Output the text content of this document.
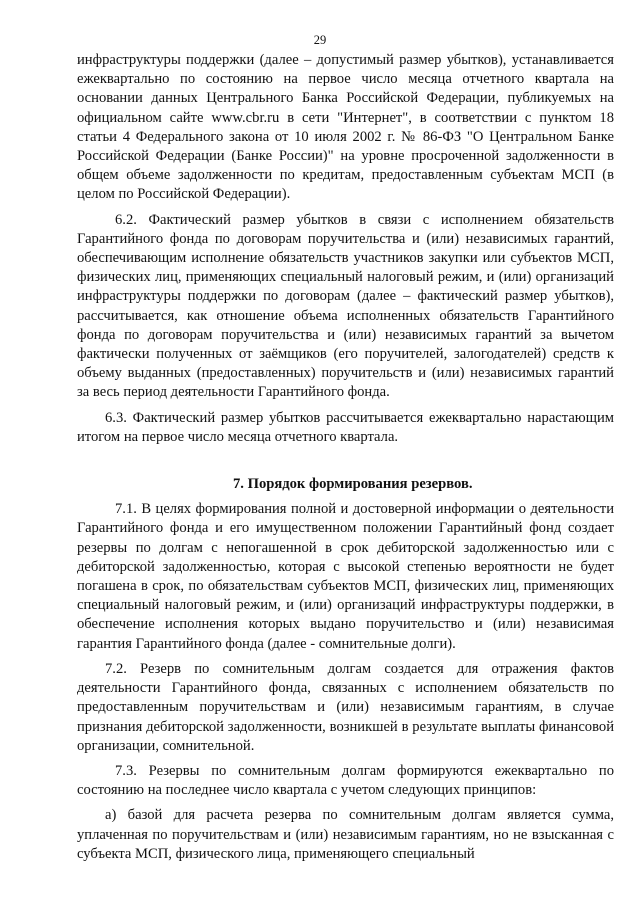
29

инфраструктуры поддержки (далее – допустимый размер убытков), устанавливается ежеквартально по состоянию на первое число месяца отчетного квартала на основании данных Центрального Банка Российской Федерации, публикуемых на официальном сайте www.cbr.ru в сети "Интернет", в соответствии с пунктом 18 статьи 4 Федерального закона от 10 июля 2002 г. № 86-ФЗ "О Центральном Банке Российской Федерации (Банке России)" на уровне просроченной задолженности в общем объеме задолженности по кредитам, предоставленным субъектам МСП (в целом по Российской Федерации).

6.2. Фактический размер убытков в связи с исполнением обязательств Гарантийного фонда по договорам поручительства и (или) независимых гарантий, обеспечивающим исполнение обязательств участников закупки или субъектов МСП, физических лиц, применяющих специальный налоговый режим, и (или) организаций инфраструктуры поддержки по договорам (далее – фактический размер убытков), рассчитывается, как отношение объема исполненных обязательств Гарантийного фонда по договорам поручительства и (или) независимых гарантий за вычетом фактически полученных от заёмщиков (его поручителей, залогодателей) средств к объему выданных (предоставленных) поручительств и (или) независимых гарантий за весь период деятельности Гарантийного фонда.

6.3. Фактический размер убытков рассчитывается ежеквартально нарастающим итогом на первое число месяца отчетного квартала.

7. Порядок формирования резервов.

7.1. В целях формирования полной и достоверной информации о деятельности Гарантийного фонда и его имущественном положении Гарантийный фонд создает резервы по долгам с непогашенной в срок дебиторской задолженностью или с дебиторской задолженностью, которая с высокой степенью вероятности не будет погашена в срок, по обязательствам субъектов МСП, физических лиц, применяющих специальный налоговый режим, и (или) организаций инфраструктуры поддержки, в обеспечение исполнения которых выдано поручительство и (или) независимая гарантия Гарантийного фонда (далее - сомнительные долги).

7.2. Резерв по сомнительным долгам создается для отражения фактов деятельности Гарантийного фонда, связанных с исполнением обязательств по предоставленным поручительствам и (или) независимым гарантиям, в случае признания дебиторской задолженности, возникшей в результате выплаты финансовой организации, сомнительной.

7.3. Резервы по сомнительным долгам формируются ежеквартально по состоянию на последнее число квартала с учетом следующих принципов:

а) базой для расчета резерва по сомнительным долгам является сумма, уплаченная по поручительствам и (или) независимым гарантиям, но не взысканная с субъекта МСП, физического лица, применяющего специальный
